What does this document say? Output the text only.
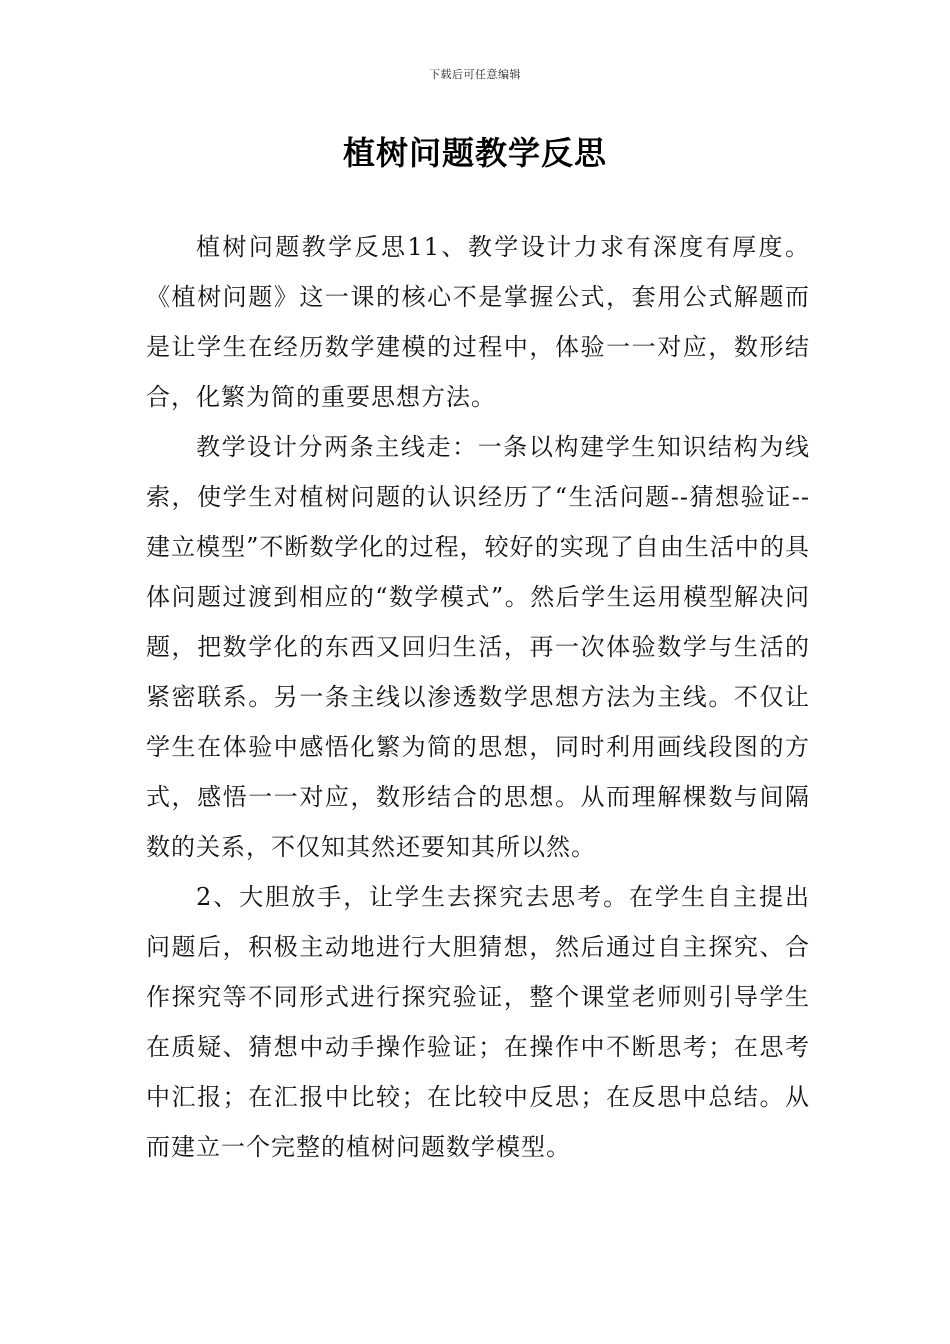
下载后可任意编辑
植树问题教学反思

植树问题教学反思11、教学设计力求有深度有厚度。《植树问题》这一课的核心不是掌握公式，套用公式解题而是让学生在经历数学建模的过程中，体验一一对应，数形结合，化繁为简的重要思想方法。

教学设计分两条主线走：一条以构建学生知识结构为线索，使学生对植树问题的认识经历了“生活问题--猜想验证--建立模型”不断数学化的过程，较好的实现了自由生活中的具体问题过渡到相应的“数学模式”。然后学生运用模型解决问题，把数学化的东西又回归生活，再一次体验数学与生活的紧密联系。另一条主线以渗透数学思想方法为主线。不仅让学生在体验中感悟化繁为简的思想，同时利用画线段图的方式，感悟一一对应，数形结合的思想。从而理解棵数与间隔数的关系，不仅知其然还要知其所以然。

2、大胆放手，让学生去探究去思考。在学生自主提出问题后，积极主动地进行大胆猜想，然后通过自主探究、合作探究等不同形式进行探究验证，整个课堂老师则引导学生在质疑、猜想中动手操作验证；在操作中不断思考；在思考中汇报；在汇报中比较；在比较中反思；在反思中总结。从而建立一个完整的植树问题数学模型。
